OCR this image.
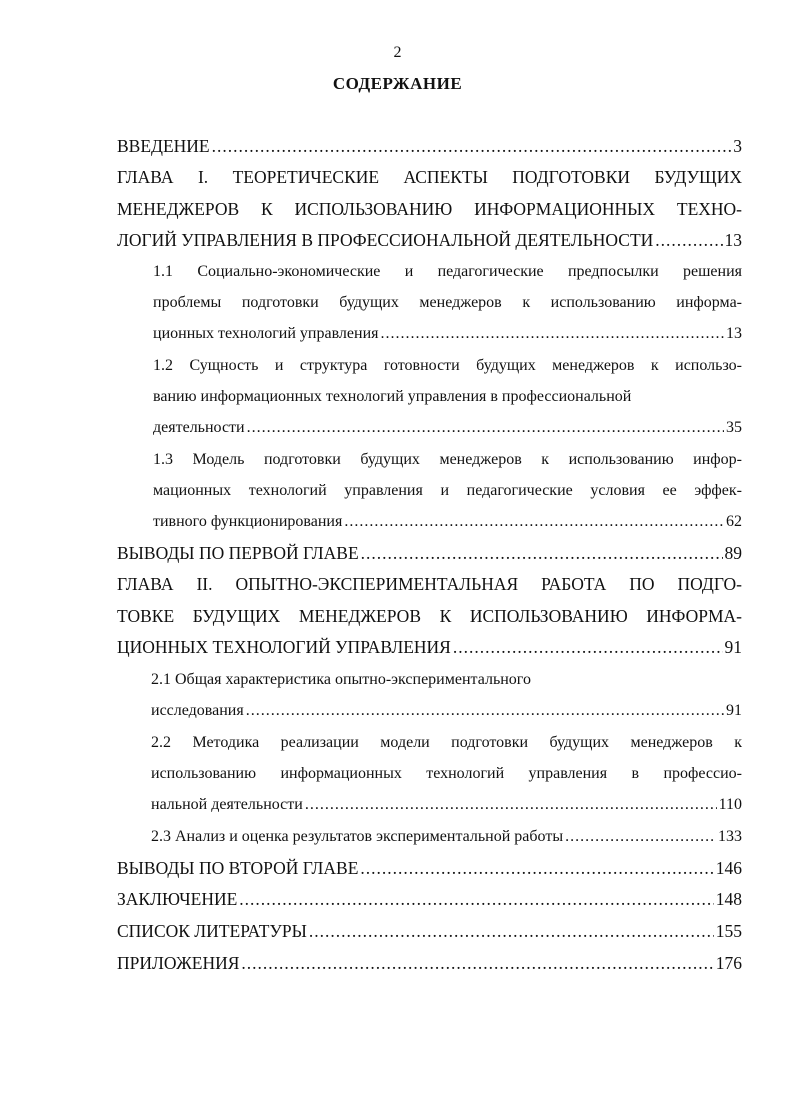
2
СОДЕРЖАНИЕ
ВВЕДЕНИЕ .....	3
ГЛАВА I. ТЕОРЕТИЧЕСКИЕ АСПЕКТЫ ПОДГОТОВКИ БУДУЩИХ
МЕНЕДЖЕРОВ К ИСПОЛЬЗОВАНИЮ ИНФОРМАЦИОННЫХ ТЕХНО-
ЛОГИЙ УПРАВЛЕНИЯ В ПРОФЕССИОНАЛЬНОЙ ДЕЯТЕЛЬНОСТИ .....	13
1.1 Социально-экономические и педагогические предпосылки решения
проблемы подготовки будущих менеджеров к использованию информа-
ционных технологий управления .....	13
1.2 Сущность и структура готовности будущих менеджеров к использо-
ванию информационных технологий управления в профессиональной
деятельности .....	35
1.3 Модель подготовки будущих менеджеров к использованию инфор-
мационных технологий управления и педагогические условия ее эффек-
тивного функционирования .....	62
ВЫВОДЫ ПО ПЕРВОЙ ГЛАВЕ .....	89
ГЛАВА II. ОПЫТНО-ЭКСПЕРИМЕНТАЛЬНАЯ РАБОТА ПО ПОДГО-
ТОВКЕ БУДУЩИХ МЕНЕДЖЕРОВ К ИСПОЛЬЗОВАНИЮ ИНФОРМА-
ЦИОННЫХ ТЕХНОЛОГИЙ УПРАВЛЕНИЯ .....	91
2.1 Общая характеристика опытно-экспериментального
исследования .....	91
2.2 Методика реализации модели подготовки будущих менеджеров к
использованию информационных технологий управления в профессио-
нальной деятельности .....	110
2.3 Анализ и оценка результатов экспериментальной работы .....	133
ВЫВОДЫ ПО ВТОРОЙ ГЛАВЕ .....	146
ЗАКЛЮЧЕНИЕ .....	148
СПИСОК ЛИТЕРАТУРЫ .....	155
ПРИЛОЖЕНИЯ .....	176
